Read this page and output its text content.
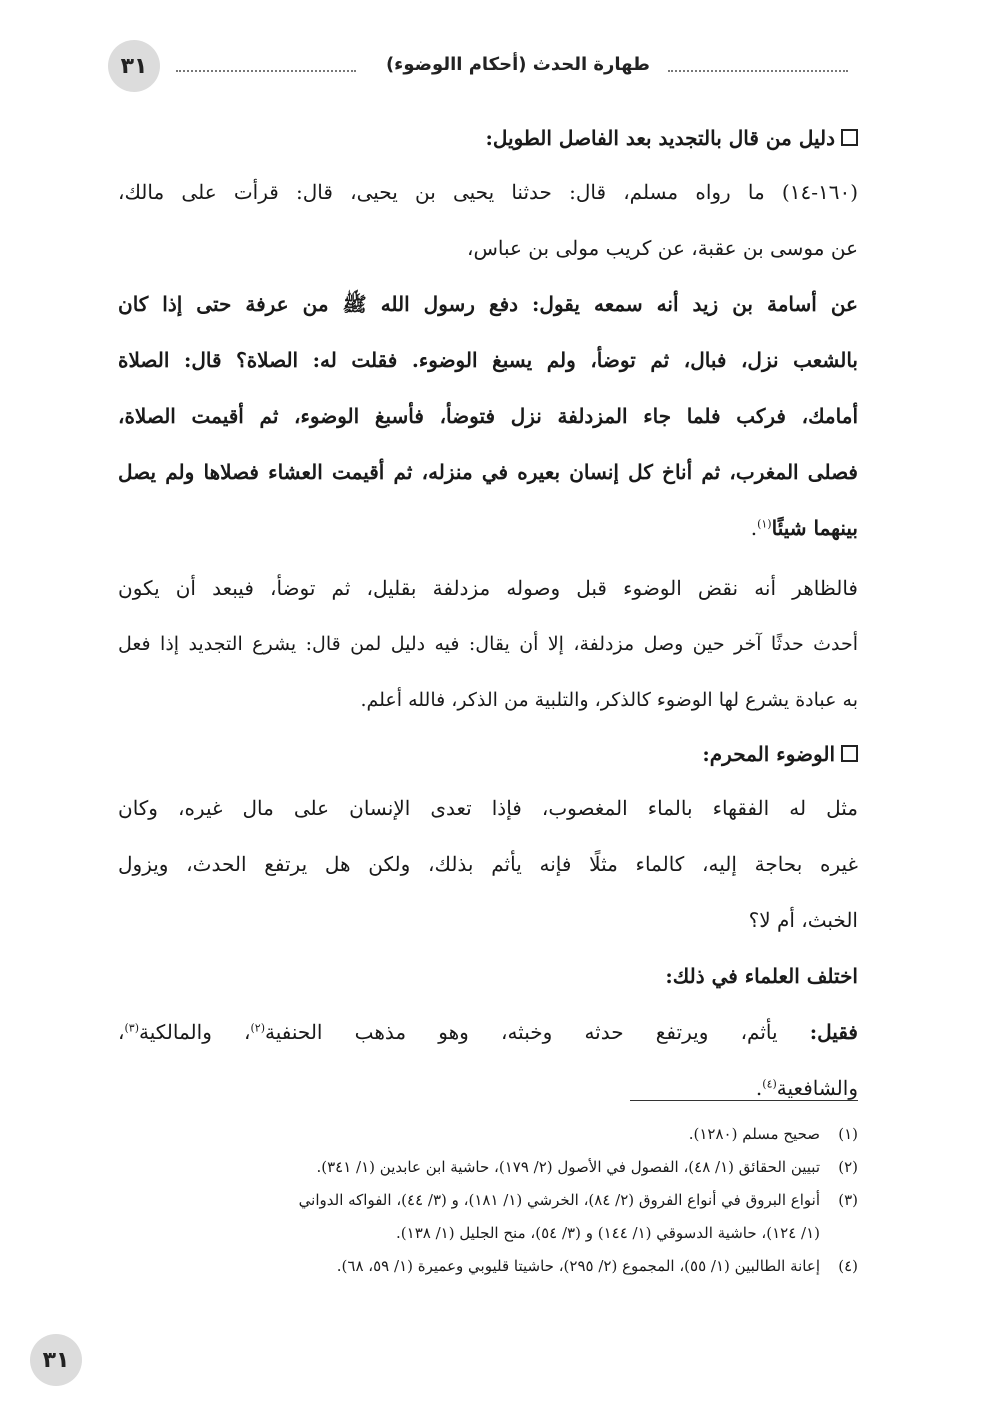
٣١	طهارة الحدث (أحكام االوضوء)
دليل من قال بالتجديد بعد الفاصل الطويل:
(١٦٠-١٤) ما رواه مسلم، قال: حدثنا يحيى بن يحيى، قال: قرأت على مالك،
عن موسى بن عقبة، عن كريب مولى بن عباس،
عن أسامة بن زيد أنه سمعه يقول: دفع رسول الله ﷺ من عرفة حتى إذا كان
بالشعب نزل، فبال، ثم توضأ، ولم يسبغ الوضوء. فقلت له: الصلاة؟ قال: الصلاة
أمامك، فركب فلما جاء المزدلفة نزل فتوضأ، فأسبغ الوضوء، ثم أقيمت الصلاة،
فصلى المغرب، ثم أناخ كل إنسان بعيره في منزله، ثم أقيمت العشاء فصلاها ولم يصل
بينهما شيئًا$^{(١)}$.
فالظاهر أنه نقض الوضوء قبل وصوله مزدلفة بقليل، ثم توضأ، فيبعد أن يكون
أحدث حدثًا آخر حين وصل مزدلفة، إلا أن يقال: فيه دليل لمن قال: يشرع التجديد إذا فعل
به عبادة يشرع لها الوضوء كالذكر، والتلبية من الذكر، فالله أعلم.
الوضوء المحرم:
مثل له الفقهاء بالماء المغصوب، فإذا تعدى الإنسان على مال غيره، وكان
غيره بحاجة إليه، كالماء مثلًا فإنه يأثم بذلك، ولكن هل يرتفع الحدث، ويزول
الخبث، أم لا؟
اختلف العلماء في ذلك:
فقيل: يأثم، ويرتفع حدثه وخبثه، وهو مذهب الحنفية$^{(٢)}$، والمالكية$^{(٣)}$،
والشافعية$^{(٤)}$.
(١)
صحيح مسلم (١٢٨٠).
(٢)
تبيين الحقائق (١/ ٤٨)، الفصول في الأصول (٢/ ١٧٩)، حاشية ابن عابدين (١/ ٣٤١).
(٣)
أنواع البروق في أنواع الفروق (٢/ ٨٤)، الخرشي (١/ ١٨١)، و (٣/ ٤٤)، الفواكه الدواني
(١/ ١٢٤)، حاشية الدسوقي (١/ ١٤٤) و (٣/ ٥٤)، منح الجليل (١/ ١٣٨).
(٤)
إعانة الطالبين (١/ ٥٥)، المجموع (٢/ ٢٩٥)، حاشيتا قليوبي وعميرة (١/ ٥٩، ٦٨).
٣١
